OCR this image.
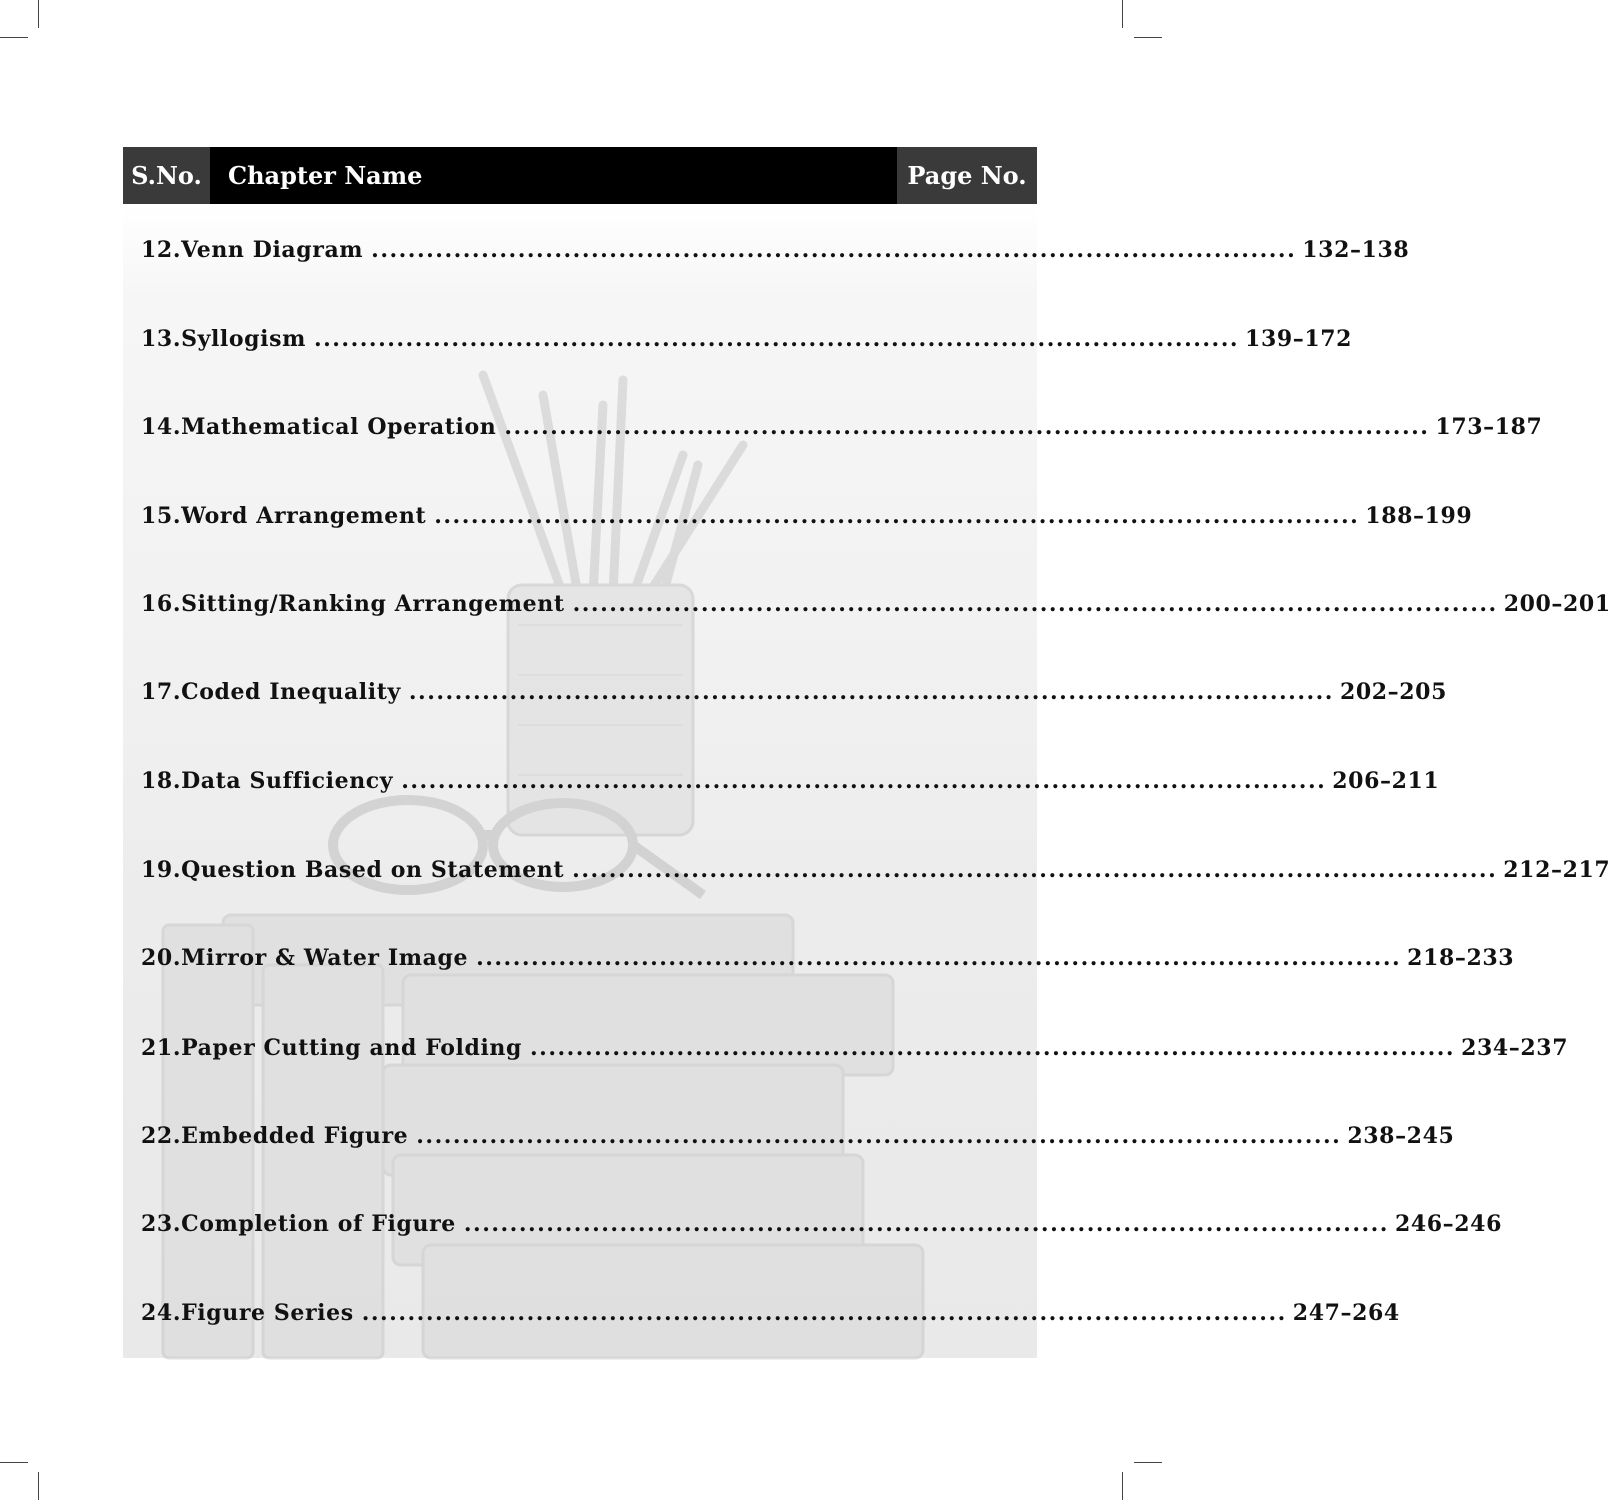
S.No.	Chapter Name	Page No.
12. Venn Diagram ..................................................................................................... 132–138
13. Syllogism ..................................................................................................... 139–172
14. Mathematical Operation ..................................................................................................... 173–187
15. Word Arrangement ..................................................................................................... 188–199
16. Sitting/Ranking Arrangement ..................................................................................................... 200–201
17. Coded Inequality ..................................................................................................... 202–205
18. Data Sufficiency ..................................................................................................... 206–211
19. Question Based on Statement ..................................................................................................... 212–217
20. Mirror & Water Image ..................................................................................................... 218–233
21. Paper Cutting and Folding ..................................................................................................... 234–237
22. Embedded Figure ..................................................................................................... 238–245
23. Completion of Figure ..................................................................................................... 246–246
24. Figure Series ..................................................................................................... 247–264
